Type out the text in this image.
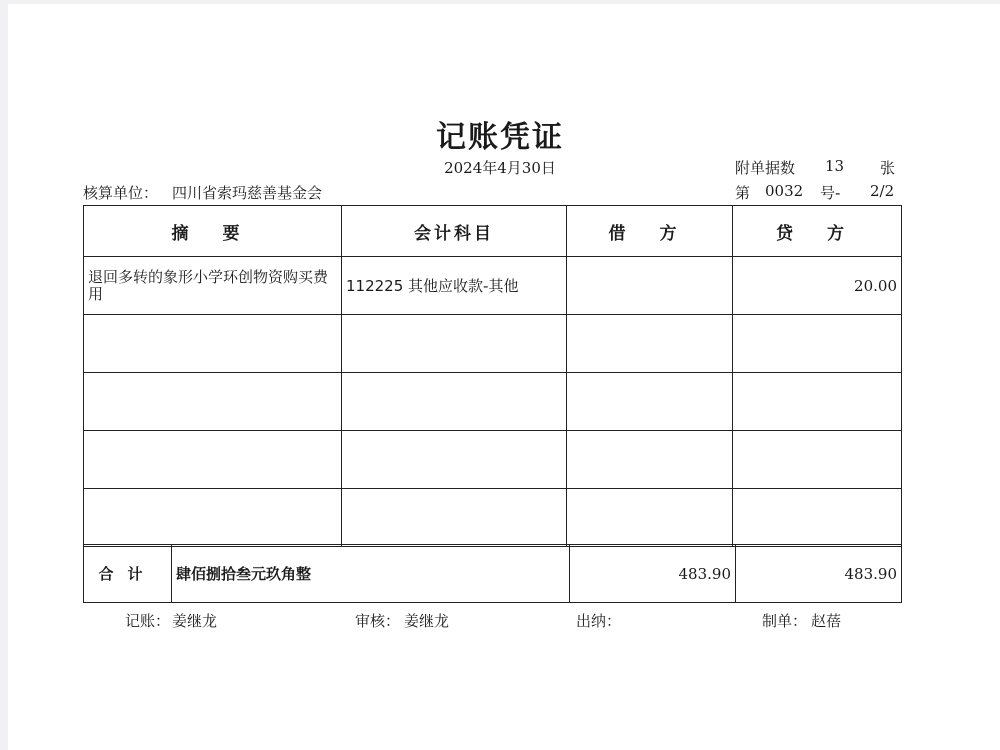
记账凭证
2024年4月30日	附单据数 13 张
核算单位： 四川省索玛慈善基金会	第 0032 号- 2/2
摘 要	会计科目	借 方	贷 方
退回多转的象形小学环创物资购买费用	112225 其他应收款-其他		20.00

合计	肆佰捌拾叁元玖角整	483.90	483.90
记账： 姜继龙	审核： 姜继龙	出纳：	制单： 赵蓓
